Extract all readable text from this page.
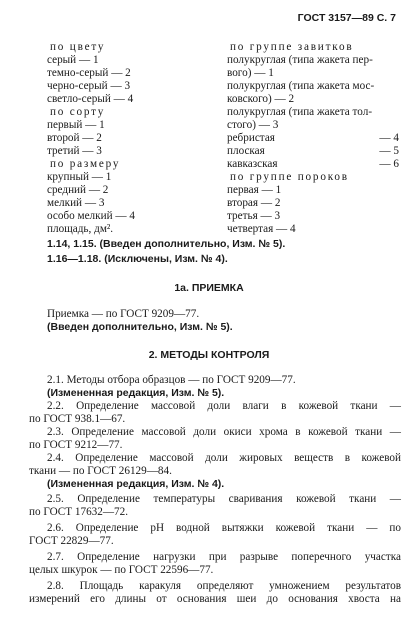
ГОСТ 3157—89 С. 7
по цвету
серый — 1
темно-серый — 2
черно-серый — 3
светло-серый — 4
по сорту
первый — 1
второй — 2
третий — 3
по размеру
крупный — 1
средний — 2
мелкий — 3
особо мелкий — 4
площадь, дм².
по группе завитков
полукруглая (типа жакета пер-
вого) — 1
полукруглая (типа жакета мос-
ковского) — 2
полукруглая (типа жакета тол-
стого) — 3
ребристая	— 4
плоская	— 5
кавказская	— 6
по группе пороков
первая — 1
вторая — 2
третья — 3
четвертая — 4
1.14, 1.15. (Введен дополнительно, Изм. № 5).
1.16—1.18. (Исключены, Изм. № 4).
1а. ПРИЕМКА
Приемка — по ГОСТ 9209—77.
(Введен дополнительно, Изм. № 5).
2. МЕТОДЫ КОНТРОЛЯ
2.1. Методы отбора образцов — по ГОСТ 9209—77.
(Измененная редакция, Изм. № 5).
2.2. Определение массовой доли влаги в кожевой ткани —
по ГОСТ 938.1—67.
2.3. Определение массовой доли окиси хрома в кожевой ткани —
по ГОСТ 9212—77.
2.4. Определение массовой доли жировых веществ в кожевой
ткани — по ГОСТ 26129—84.
(Измененная редакция, Изм. № 4).
2.5. Определение температуры сваривания кожевой ткани —
по ГОСТ 17632—72.
2.6. Определение pH водной вытяжки кожевой ткани — по
ГОСТ 22829—77.
2.7. Определение нагрузки при разрыве поперечного участка
целых шкурок — по ГОСТ 22596—77.
2.8. Площадь каракуля определяют умножением результатов
измерений его длины от основания шеи до основания хвоста на
